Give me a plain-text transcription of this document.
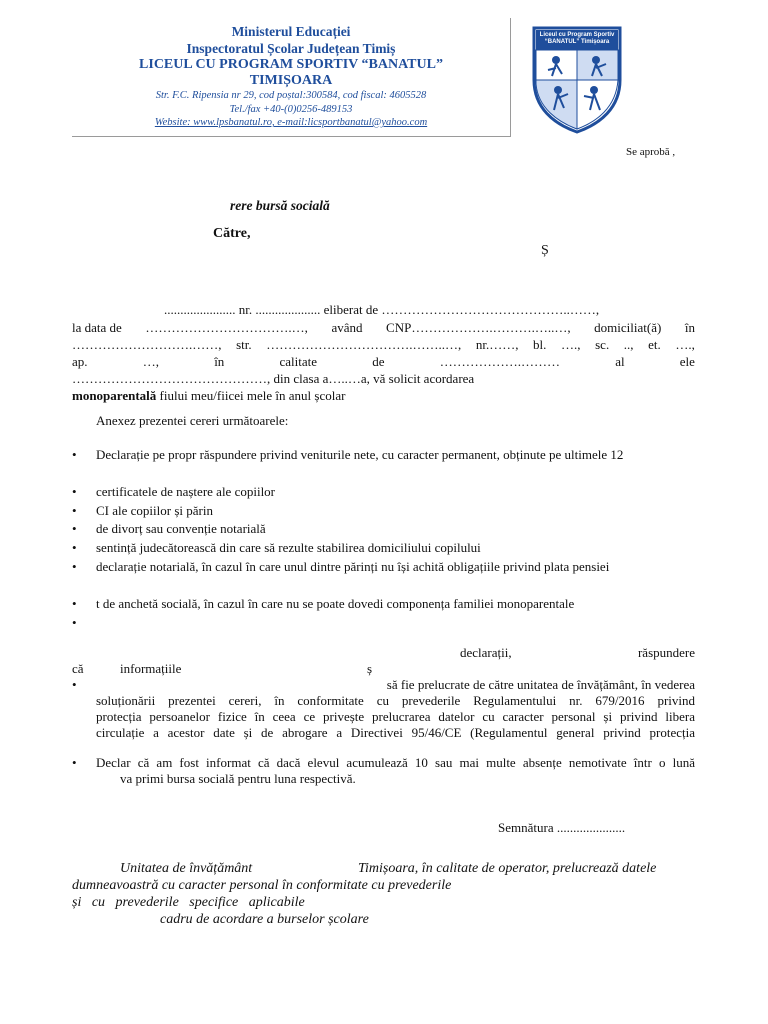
Ministerul Educației
Inspectoratul Școlar Județean Timiș
LICEUL CU PROGRAM SPORTIV “BANATUL”
TIMIȘOARA
Str. F.C. Ripensia nr 29, cod poștal:300584, cod fiscal: 4605528
Tel./fax +40-(0)0256-489153
Website: www.lpsbanatul.ro, e-mail:licsportbanatul@yahoo.com
Liceul cu Program Sportiv
“BANATUL” Timișoara
Se aprobă ,
rere bursă socială
Către,
Ș
...................... nr. .................... eliberat de ……………………………………..……,
la data de …………………………….…, având CNP……………….……….…..…, domiciliat(ă) în
……………………….……, str. …………………………….……..…, nr.……, bl. …., sc. .., et. ….,
ap.	…,	în	calitate	de	……………….………	al	ele
………………………………………, din clasa a…..…a, vă solicit acordarea
monoparentală fiului meu/fiicei mele în anul școlar
Anexez prezentei cereri următoarele:
• Declarație pe propr răspundere privind veniturile nete, cu caracter permanent, obținute pe ultimele 12
• certificatele de naștere ale copiilor
• CI ale copiilor și părin
• de divorț sau convenție notarială
• sentință judecătorească din care să rezulte stabilirea domiciliului copilului
• declarație notarială, în cazul în care unul dintre părinți nu își achită obligațiile privind plata pensiei
• t de anchetă socială, în cazul în care nu se poate dovedi componența familiei monoparentale
•
declarații,	răspundere
că	informațiile	ș
•	să fie prelucrate de către unitatea de învățământ, în vederea
soluționării prezentei cereri, în conformitate cu prevederile Regulamentului nr. 679/2016 privind
protecția persoanelor fizice în ceea ce privește prelucrarea datelor cu caracter personal și privind libera
circulație a acestor date și de abrogare a Directivei 95/46/CE (Regulamentul general privind protecția
• Declar că am fost informat că dacă elevul acumulează 10 sau mai multe absențe nemotivate într o lună
va primi bursa socială pentru luna respectivă.
Semnătura .....................
Unitatea de învățământ	Timișoara, în calitate de operator, prelucrează datele
dumneavoastră cu caracter personal în conformitate cu prevederile
și   cu   prevederile   specifice   aplicabile
cadru de acordare a burselor școlare
